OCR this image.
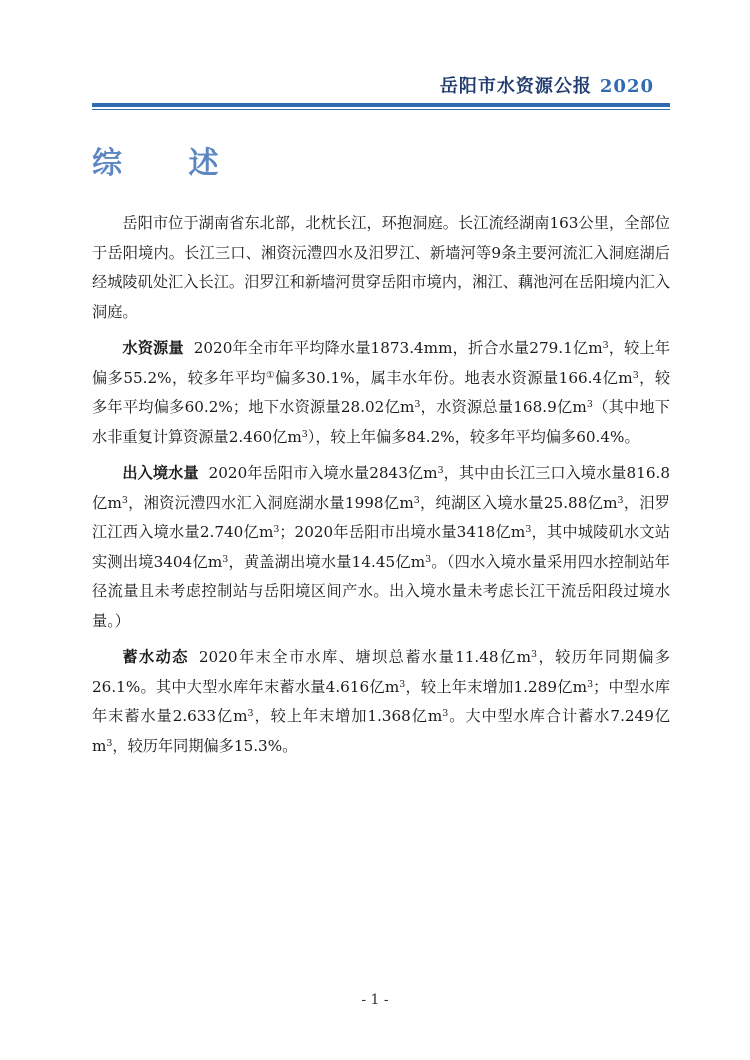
岳阳市水资源公报 2020
综 述

岳阳市位于湖南省东北部，北枕长江，环抱洞庭。长江流经湖南163公里，全部位于岳阳境内。长江三口、湘资沅澧四水及汨罗江、新墙河等9条主要河流汇入洞庭湖后经城陵矶处汇入长江。汨罗江和新墙河贯穿岳阳市境内，湘江、藕池河在岳阳境内汇入洞庭。

水资源量 2020年全市年平均降水量1873.4mm，折合水量279.1亿$m^3$，较上年偏多55.2%，较多年平均①偏多30.1%，属丰水年份。地表水资源量166.4亿$m^3$，较多年平均偏多60.2%；地下水资源量28.02亿$m^3$，水资源总量168.9亿$m^3$（其中地下水非重复计算资源量2.460亿$m^3$），较上年偏多84.2%，较多年平均偏多60.4%。

出入境水量 2020年岳阳市入境水量2843亿$m^3$，其中由长江三口入境水量816.8亿$m^3$，湘资沅澧四水汇入洞庭湖水量1998亿$m^3$，纯湖区入境水量25.88亿$m^3$，汨罗江江西入境水量2.740亿$m^3$；2020年岳阳市出境水量3418亿$m^3$，其中城陵矶水文站实测出境3404亿$m^3$，黄盖湖出境水量14.45亿$m^3$。（四水入境水量采用四水控制站年径流量且未考虑控制站与岳阳境区间产水。出入境水量未考虑长江干流岳阳段过境水量。）

蓄水动态 2020年末全市水库、塘坝总蓄水量11.48亿$m^3$，较历年同期偏多26.1%。其中大型水库年末蓄水量4.616亿$m^3$，较上年末增加1.289亿$m^3$；中型水库年末蓄水量2.633亿$m^3$，较上年末增加1.368亿$m^3$。大中型水库合计蓄水7.249亿$m^3$，较历年同期偏多15.3%。

- 1 -
